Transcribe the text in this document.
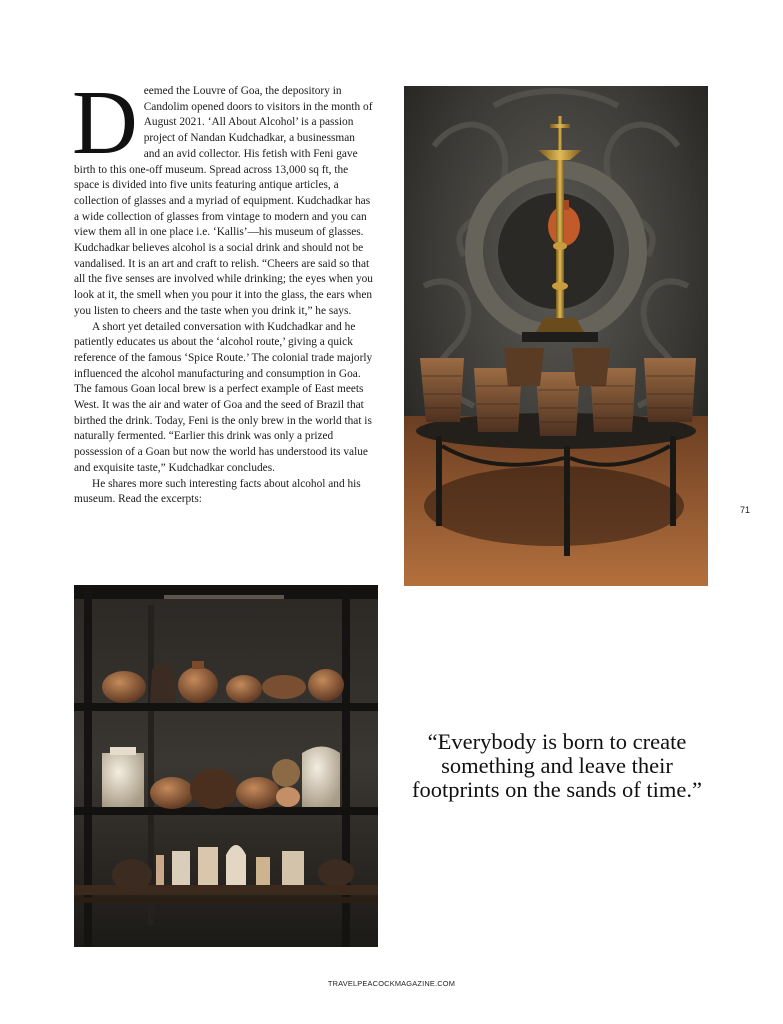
Deemed the Louvre of Goa, the depository in Candolim opened doors to visitors in the month of August 2021. ‘All About Alcohol’ is a passion project of Nandan Kudchadkar, a businessman and an avid collector. His fetish with Feni gave birth to this one-off museum. Spread across 13,000 sq ft, the space is divided into five units featuring antique articles, a collection of glasses and a myriad of equipment. Kudchadkar has a wide collection of glasses from vintage to modern and you can view them all in one place i.e. ‘Kallis’—his museum of glasses. Kudchadkar believes alcohol is a social drink and should not be vandalised. It is an art and craft to relish. “Cheers are said so that all the five senses are involved while drinking; the eyes when you look at it, the smell when you pour it into the glass, the ears when you listen to cheers and the taste when you drink it,” he says.

A short yet detailed conversation with Kudchadkar and he patiently educates us about the ‘alcohol route,’ giving a quick reference of the famous ‘Spice Route.’ The colonial trade majorly influenced the alcohol manufacturing and consumption in Goa. The famous Goan local brew is a perfect example of East meets West. It was the air and water of Goa and the seed of Brazil that birthed the drink. Today, Feni is the only brew in the world that is naturally fermented. “Earlier this drink was only a prized possession of a Goan but now the world has understood its value and exquisite taste,” Kudchadkar concludes.

He shares more such interesting facts about alcohol and his museum. Read the excerpts:

71
“Everybody is born to create something and leave their footprints on the sands of time.”
TRAVELPEACOCKMAGAZINE.COM
